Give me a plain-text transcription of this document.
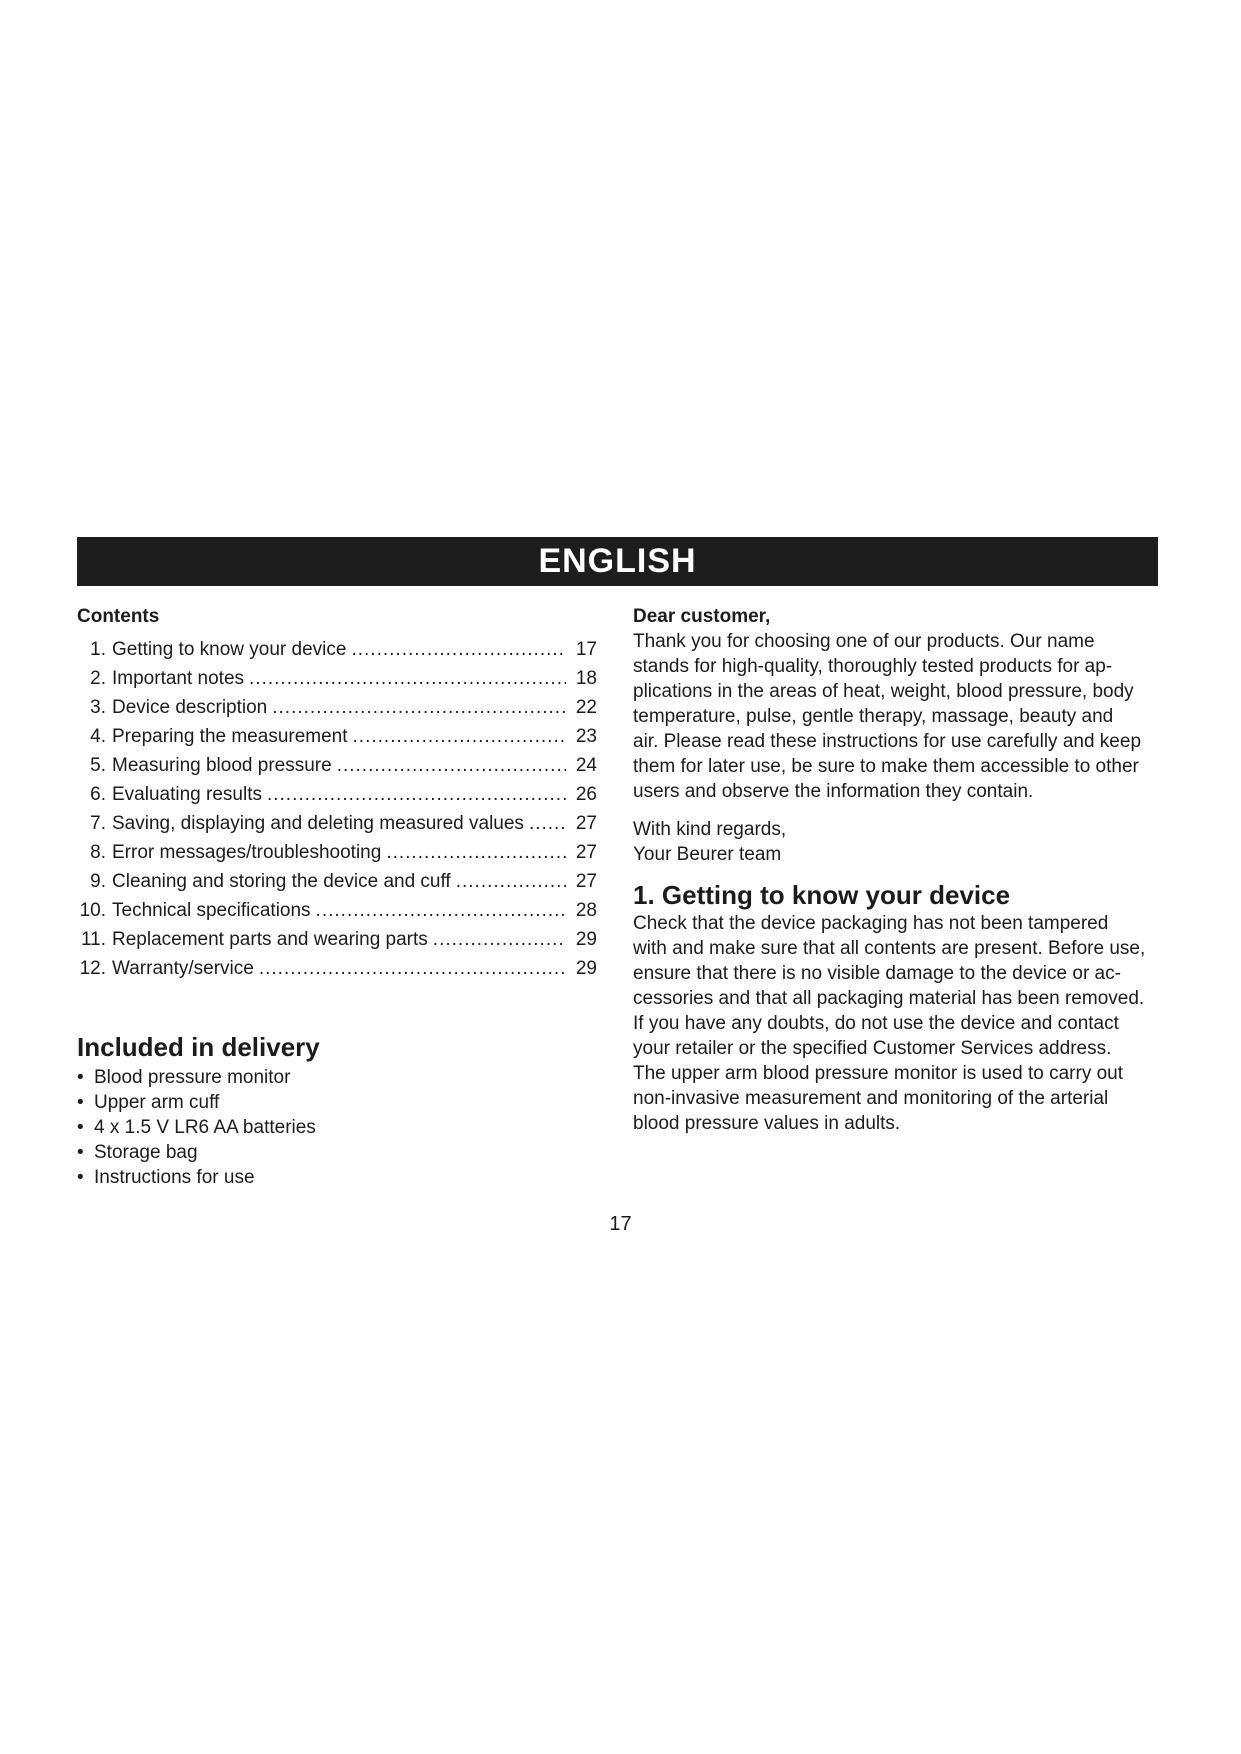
ENGLISH
Contents
1. Getting to know your device .....	17
2. Important notes .....	18
3. Device description .....	22
4. Preparing the measurement .....	23
5. Measuring blood pressure .....	24
6. Evaluating results .....	26
7. Saving, displaying and deleting measured values .....	27
8. Error messages/troubleshooting .....	27
9. Cleaning and storing the device and cuff .....	27
10. Technical specifications .....	28
11. Replacement parts and wearing parts .....	29
12. Warranty/service .....	29
Included in delivery
• Blood pressure monitor
• Upper arm cuff
• 4 x 1.5 V LR6 AA batteries
• Storage bag
• Instructions for use
Dear customer,
Thank you for choosing one of our products. Our name
stands for high-quality, thoroughly tested products for ap-
plications in the areas of heat, weight, blood pressure, body
temperature, pulse, gentle therapy, massage, beauty and
air. Please read these instructions for use carefully and keep
them for later use, be sure to make them accessible to other
users and observe the information they contain.
With kind regards,
Your Beurer team
1. Getting to know your device
Check that the device packaging has not been tampered
with and make sure that all contents are present. Before use,
ensure that there is no visible damage to the device or ac-
cessories and that all packaging material has been removed.
If you have any doubts, do not use the device and contact
your retailer or the specified Customer Services address.
The upper arm blood pressure monitor is used to carry out
non-invasive measurement and monitoring of the arterial
blood pressure values in adults.
17
